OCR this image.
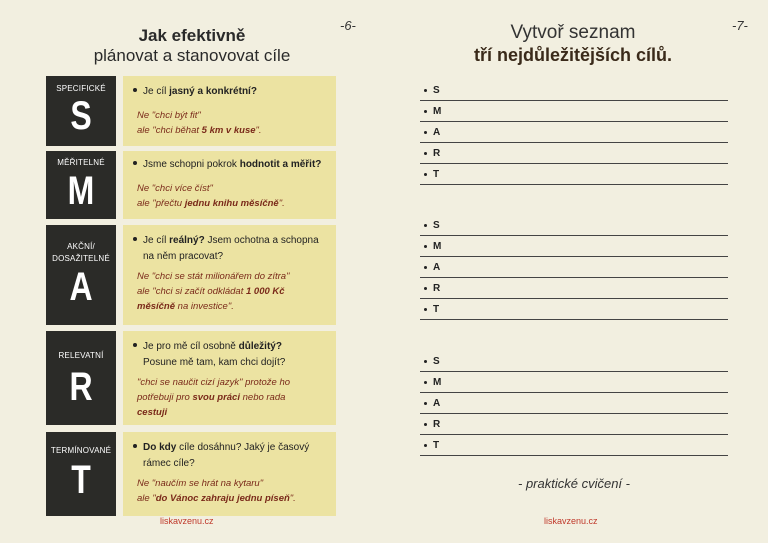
Jak efektivně
plánovat a stanovovat cíle
-6-
SPECIFICKÉ
S
Je cíl jasný a konkrétní?
Ne "chci být fit"
ale "chci běhat 5 km v kuse".
MĚŘITELNÉ
M
Jsme schopni pokrok hodnotit a měřit?
Ne "chci více číst"
ale "přečtu jednu knihu měsíčně".
AKČNÍ/ DOSAŽITELNÉ
A
Je cíl reálný? Jsem ochotna a schopna
na něm pracovat?
Ne "chci se stát milionářem do zítra"
ale "chci si začít odkládat 1 000 Kč
měsíčně na investice".
RELEVATNÍ
R
Je pro mě cíl osobně důležitý?
Posune mě tam, kam chci dojít?
"chci se naučit cizí jazyk" protože ho
potřebuji pro svou práci nebo rada
cestuji
TERMÍNOVANÉ
T
Do kdy cíle dosáhnu? Jaký je časový
rámec cíle?
Ne "naučím se hrát na kytaru"
ale "do Vánoc zahraju jednu píseň".
liskavzenu.cz
-7-
Vytvoř seznam
tří nejdůležitějších cílů.
S
M
A
R
T
S
M
A
R
T
S
M
A
R
T
- praktické cvičení -
liskavzenu.cz
